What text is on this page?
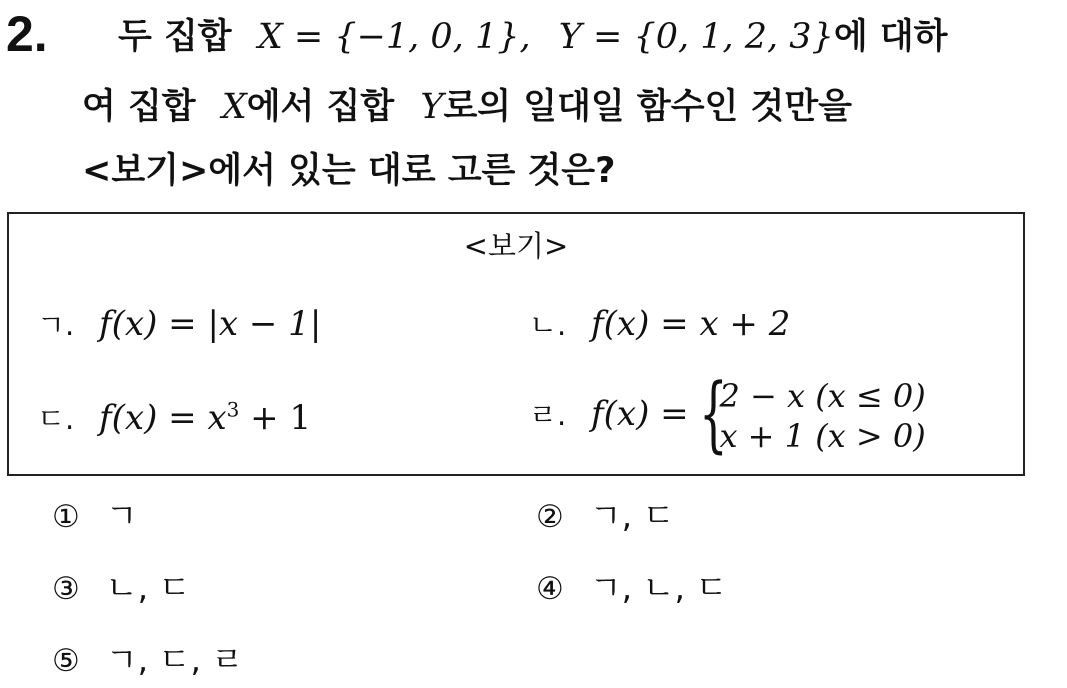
2. 두 집합 X = {−1, 0, 1}, Y = {0, 1, 2, 3}에 대하
여 집합 X에서 집합 Y로의 일대일 함수인 것만을
<보기>에서 있는 대로 고른 것은?
<보기>
ㄱ. f(x) = |x − 1|	ㄴ. f(x) = x + 2
ㄷ. $f(x) = x^3 + 1$	ㄹ. f(x) = {
2 − x (x ≤ 0)
x + 1 (x > 0)
① ㄱ	② ㄱ, ㄷ
③ ㄴ, ㄷ	④ ㄱ, ㄴ, ㄷ
⑤ ㄱ, ㄷ, ㄹ
